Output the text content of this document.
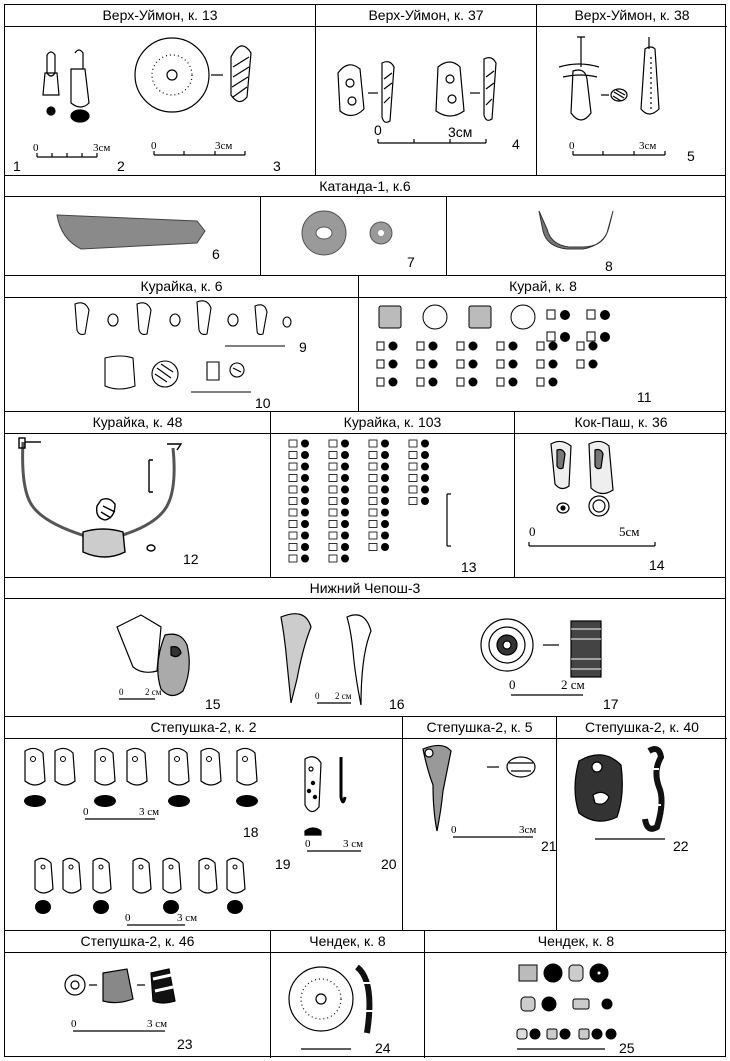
Верх-Уймон, к. 13
0	3см	0	3см
1	2	3
Верх-Уймон, к. 37
0	3см
4
Верх-Уймон, к. 38
0	3см
5
Катанда-1, к.6
6	7	8
Курайка, к. 6
9
10
Курай, к. 8
11
Курайка, к. 48
12
Курайка, к. 103
13
Кок-Паш, к. 36
0	5см
14
Нижний Чепош-3
0 2 см	0 2 см
0	2 см
15	16	17
Степушка-2, к. 2
0	3 см
0	3 см
0	3 см
18
19	20
Степушка-2, к. 5
0	3см
21
Степушка-2, к. 40
22
Степушка-2, к. 46
0	3 см
23
Чендек, к. 8
24
Чендек, к. 8
25
